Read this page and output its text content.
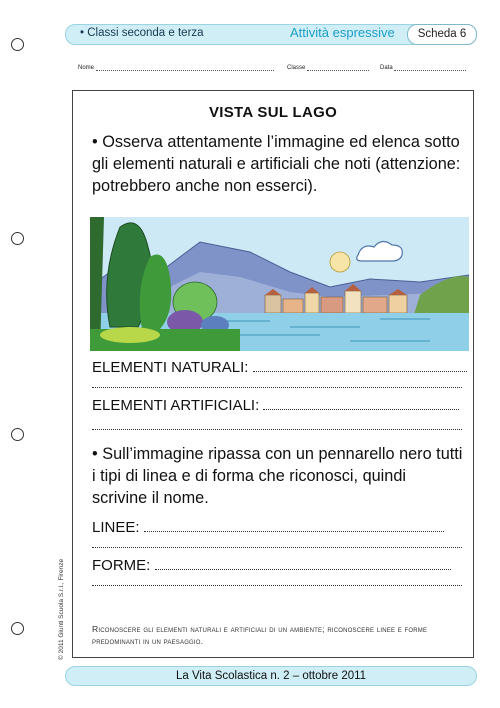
• Classi seconda e terza	Attività espressive	Scheda 6
Nome	Classe	Data
VISTA SUL LAGO
• Osserva attentamente l’immagine ed elenca sotto gli elementi naturali e artificiali che noti (attenzione: potrebbero anche non esserci).
ELEMENTI NATURALI:
ELEMENTI ARTIFICIALI:
• Sull’immagine ripassa con un pennarello nero tutti i tipi di linea e di forma che riconosci, quindi scrivine il nome.
LINEE:
FORME:
Riconoscere gli elementi naturali e artificiali di un ambiente; riconoscere linee e forme predominanti in un paesaggio.
© 2011 Giunti Scuola S.r.l., Firenze
La Vita Scolastica n. 2 – ottobre 2011
